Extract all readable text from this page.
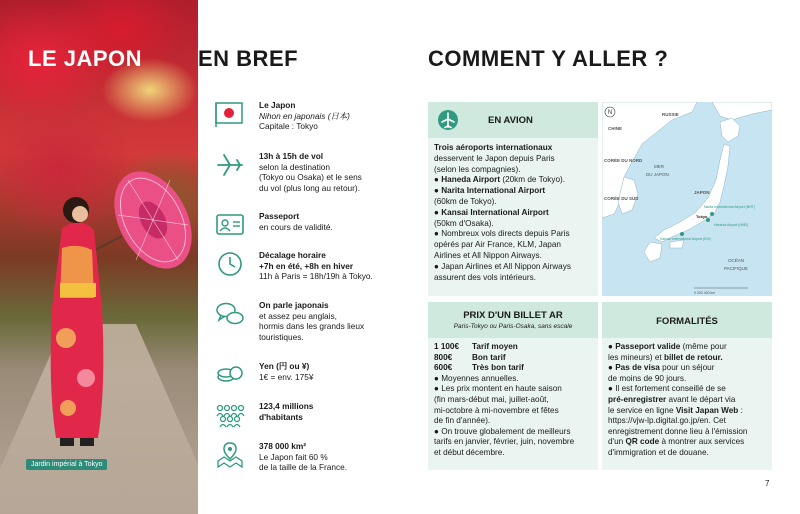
LE JAPON
Jardin impérial à Tokyo
EN BREF
Le Japon
Nihon en japonais (日本)
Capitale : Tokyo
13h à 15h de vol
selon la destination
(Tokyo ou Osaka) et le sens
du vol (plus long au retour).
Passeport
en cours de validité.
Décalage horaire
+7h en été, +8h en hiver
11h à Paris = 18h/19h à Tokyo.
On parle japonais
et assez peu anglais,
hormis dans les grands lieux
touristiques.
Yen (円 ou ¥)
1€ = env. 175¥
123,4 millions
d'habitants
378 000 km²
Le Japon fait 60 %
de la taille de la France.
COMMENT Y ALLER ?
EN AVION
Trois aéroports internationaux
desservent le Japon depuis Paris
(selon les compagnies).
● Haneda Airport (20km de Tokyo).
● Narita International Airport
(60km de Tokyo).
● Kansai International Airport
(50km d'Osaka).
● Nombreux vols directs depuis Paris
opérés par Air France, KLM, Japan
Airlines et All Nippon Airways.
● Japan Airlines et All Nippon Airways
assurent des vols intérieurs.
N
CHINE
RUSSIE
CORÉE DU NORD
CORÉE DU SUD
MER
DU JAPON
JAPON
Narita International Airport (NRT)
Tokyo
Haneda Airport (HND)
Kansai International Airport (KIX)
OCÉAN
PACIFIQUE
0 200 400 km
PRIX D'UN BILLET AR
Paris-Tokyo ou Paris-Osaka, sans escale
1 100€	Tarif moyen
800€	Bon tarif
600€	Très bon tarif
● Moyennes annuelles.
● Les prix montent en haute saison
(fin mars-début mai, juillet-août,
mi-octobre à mi-novembre et fêtes
de fin d'année).
● On trouve globalement de meilleurs
tarifs en janvier, février, juin, novembre
et début décembre.
FORMALITÉS
● Passeport valide (même pour
les mineurs) et billet de retour.
● Pas de visa pour un séjour
de moins de 90 jours.
● Il est fortement conseillé de se
pré-enregistrer avant le départ via
le service en ligne Visit Japan Web :
https://vjw-lp.digital.go.jp/en. Cet
enregistrement donne lieu à l'émission
d'un QR code à montrer aux services
d'immigration et de douane.
7
